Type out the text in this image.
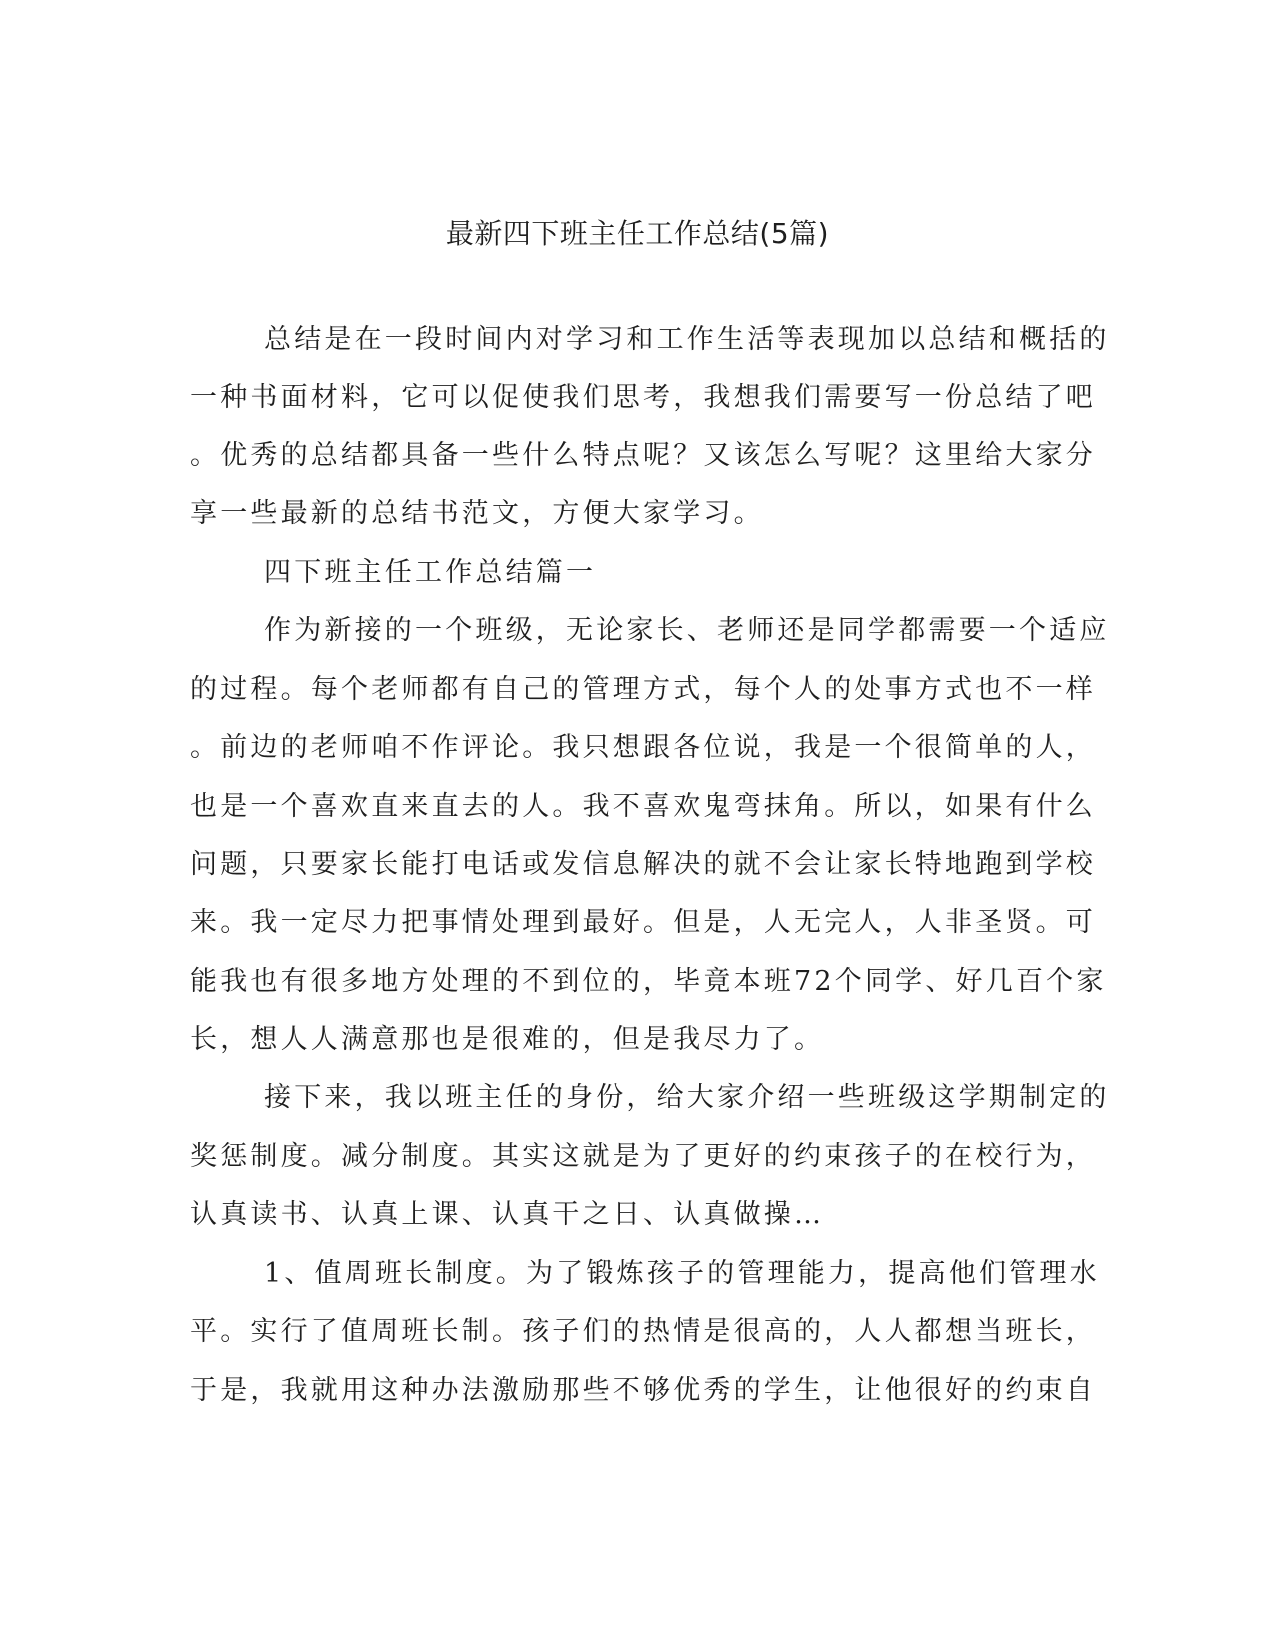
最新四下班主任工作总结(5篇)

总结是在一段时间内对学习和工作生活等表现加以总结和概括的

一种书面材料，它可以促使我们思考，我想我们需要写一份总结了吧

。优秀的总结都具备一些什么特点呢？又该怎么写呢？这里给大家分

享一些最新的总结书范文，方便大家学习。

四下班主任工作总结篇一

作为新接的一个班级，无论家长、老师还是同学都需要一个适应

的过程。每个老师都有自己的管理方式，每个人的处事方式也不一样

。前边的老师咱不作评论。我只想跟各位说，我是一个很简单的人，

也是一个喜欢直来直去的人。我不喜欢鬼弯抹角。所以，如果有什么

问题，只要家长能打电话或发信息解决的就不会让家长特地跑到学校

来。我一定尽力把事情处理到最好。但是，人无完人，人非圣贤。可

能我也有很多地方处理的不到位的，毕竟本班72个同学、好几百个家

长，想人人满意那也是很难的，但是我尽力了。

接下来，我以班主任的身份，给大家介绍一些班级这学期制定的

奖惩制度。减分制度。其实这就是为了更好的约束孩子的在校行为，

认真读书、认真上课、认真干之日、认真做操…

1、值周班长制度。为了锻炼孩子的管理能力，提高他们管理水

平。实行了值周班长制。孩子们的热情是很高的，人人都想当班长，

于是，我就用这种办法激励那些不够优秀的学生，让他很好的约束自
